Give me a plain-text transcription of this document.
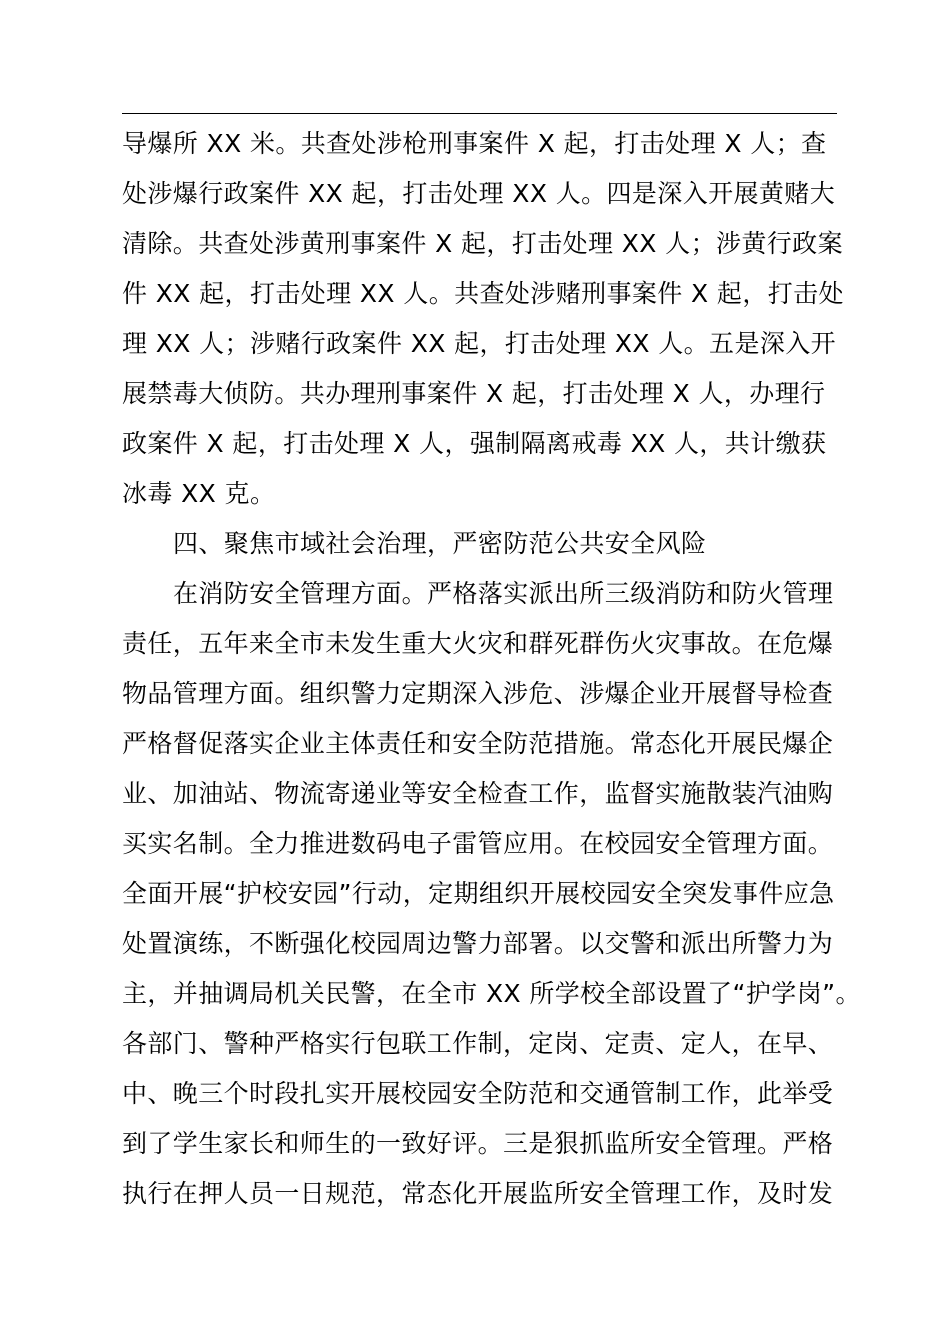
导爆所 XX 米。共查处涉枪刑事案件 X 起，打击处理 X 人；查

处涉爆行政案件 XX 起，打击处理 XX 人。四是深入开展黄赌大

清除。共查处涉黄刑事案件 X 起，打击处理 XX 人；涉黄行政案

件 XX 起，打击处理 XX 人。共查处涉赌刑事案件 X 起，打击处

理 XX 人；涉赌行政案件 XX 起，打击处理 XX 人。五是深入开

展禁毒大侦防。共办理刑事案件 X 起，打击处理 X 人，办理行

政案件 X 起，打击处理 X 人，强制隔离戒毒 XX 人，共计缴获

冰毒 XX 克。

四、聚焦市域社会治理，严密防范公共安全风险

在消防安全管理方面。严格落实派出所三级消防和防火管理

责任，五年来全市未发生重大火灾和群死群伤火灾事故。在危爆

物品管理方面。组织警力定期深入涉危、涉爆企业开展督导检查

严格督促落实企业主体责任和安全防范措施。常态化开展民爆企

业、加油站、物流寄递业等安全检查工作，监督实施散装汽油购

买实名制。全力推进数码电子雷管应用。在校园安全管理方面。

全面开展“护校安园”行动，定期组织开展校园安全突发事件应急

处置演练，不断强化校园周边警力部署。以交警和派出所警力为

主，并抽调局机关民警，在全市 XX 所学校全部设置了“护学岗”。

各部门、警种严格实行包联工作制，定岗、定责、定人，在早、

中、晚三个时段扎实开展校园安全防范和交通管制工作，此举受

到了学生家长和师生的一致好评。三是狠抓监所安全管理。严格

执行在押人员一日规范，常态化开展监所安全管理工作，及时发
